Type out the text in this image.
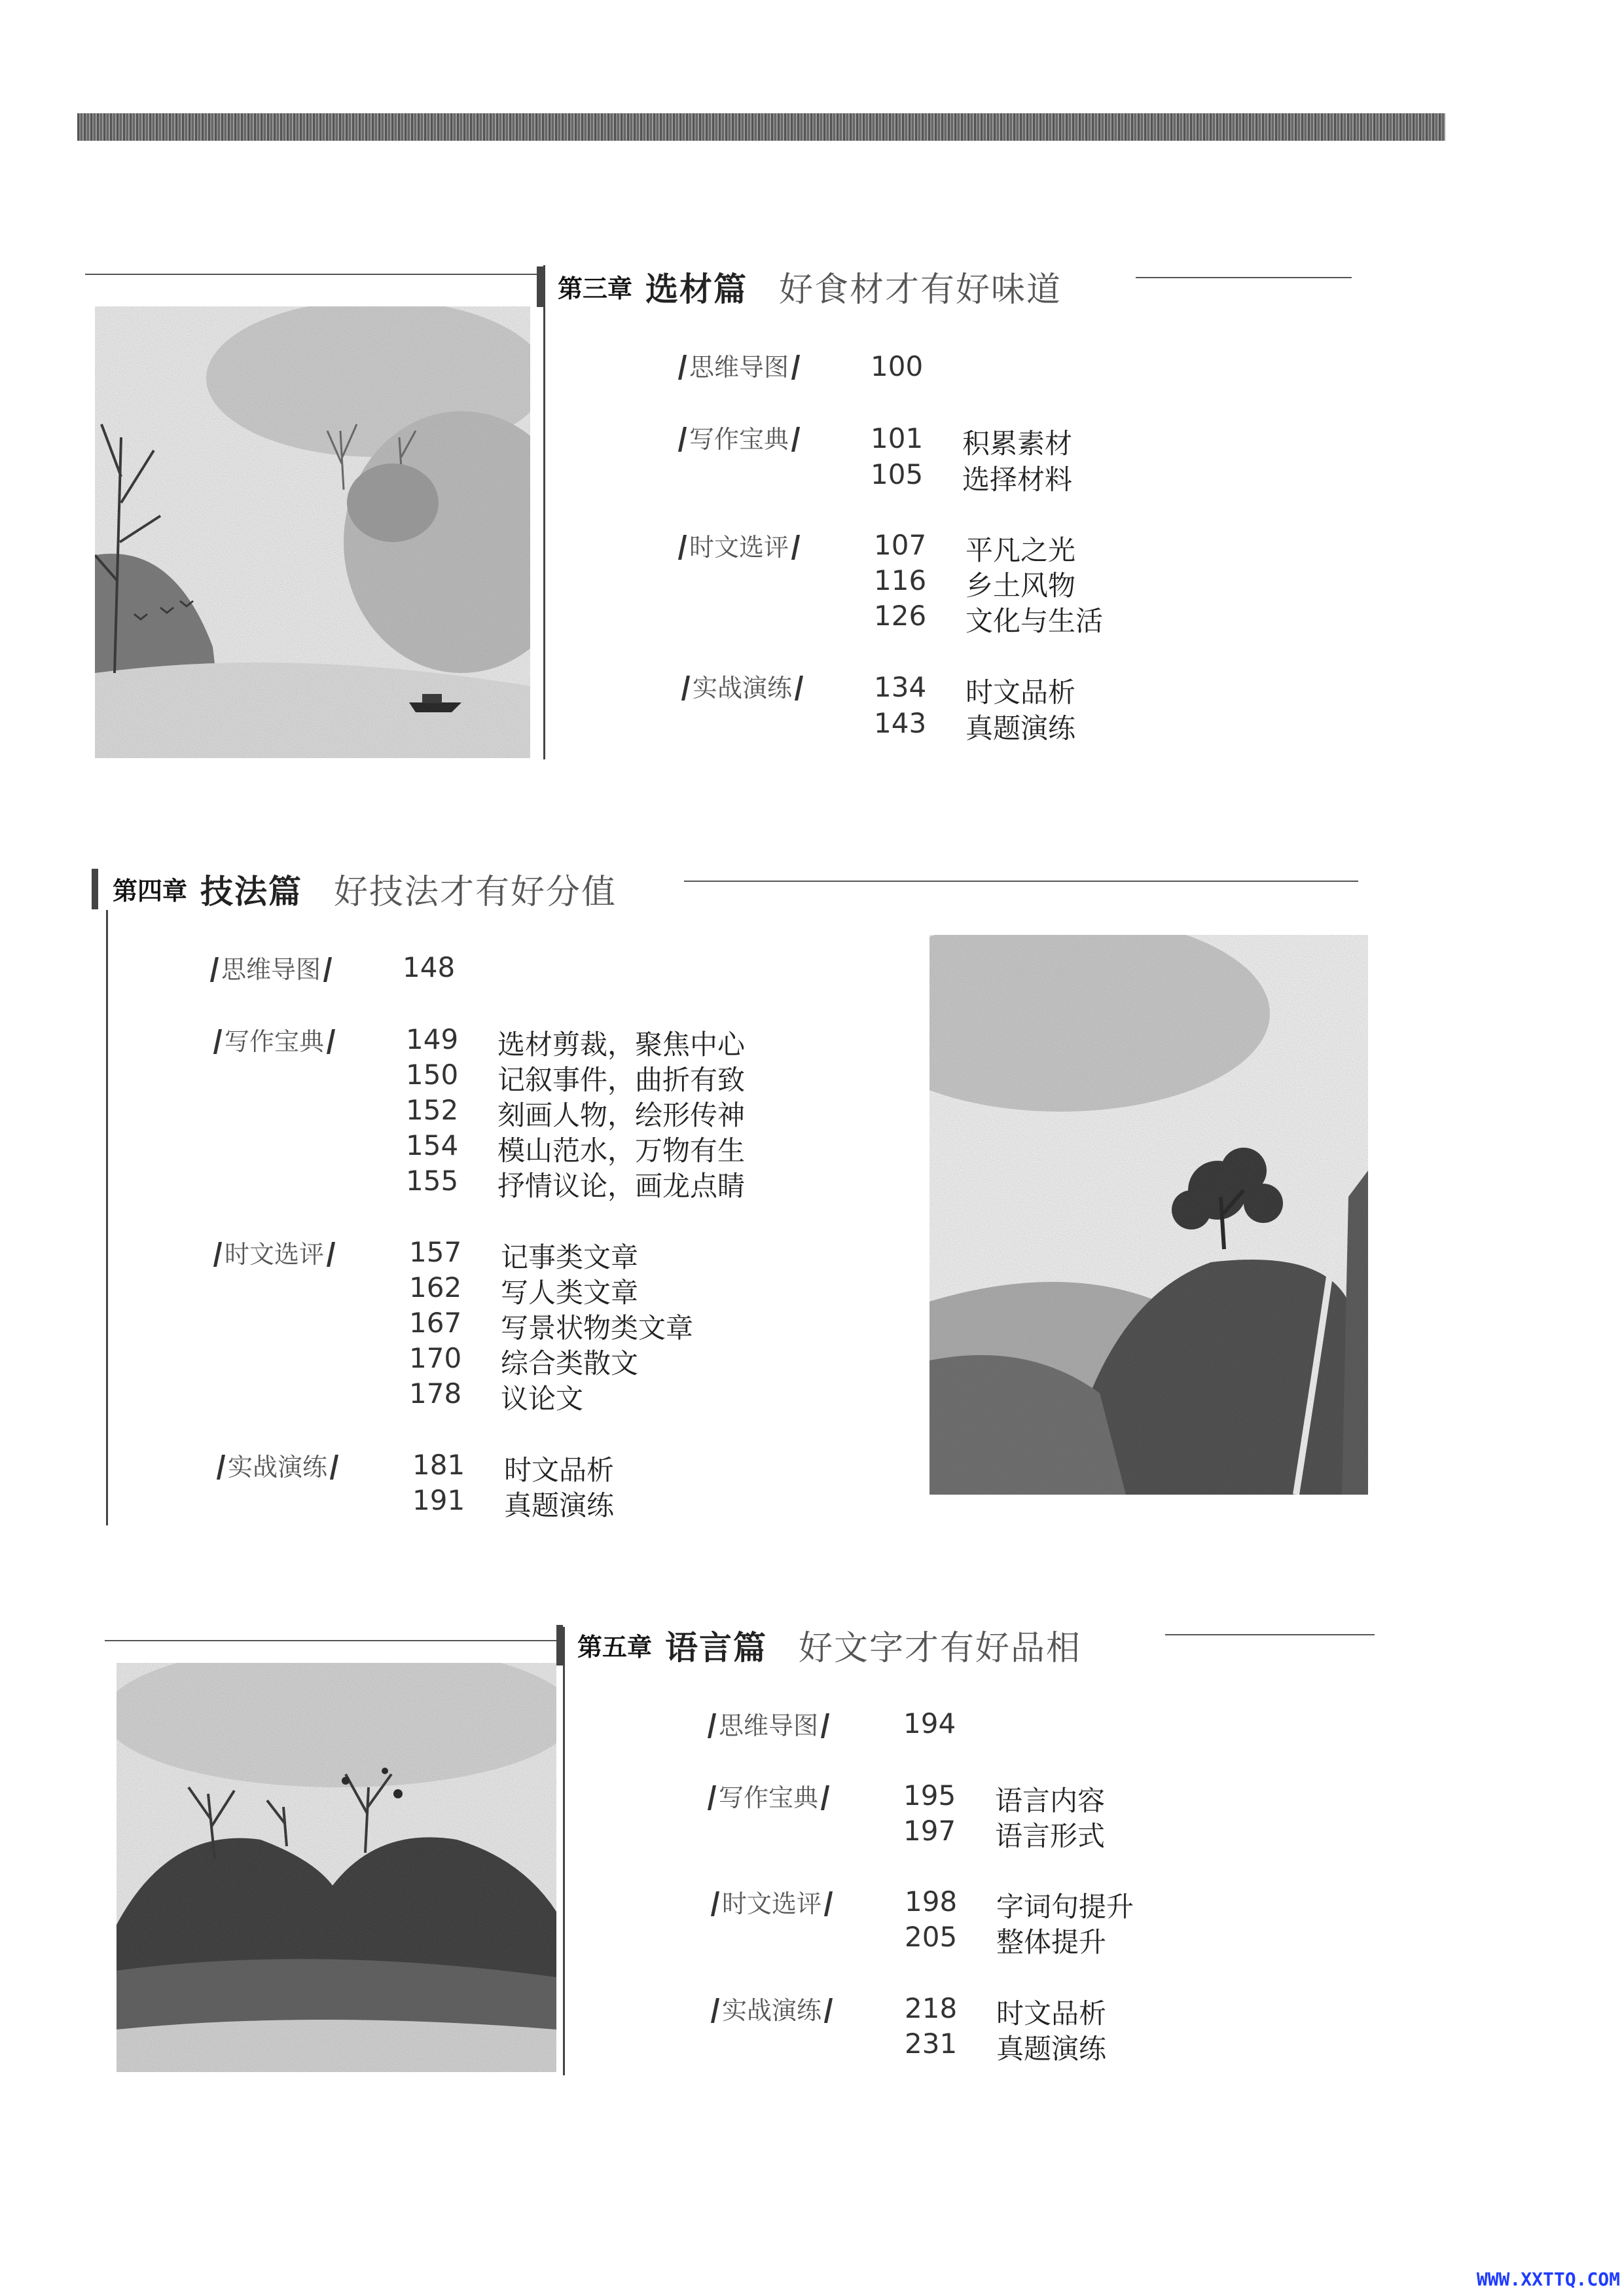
第三章 选材篇 好食材才有好味道
思维导图	100
写作宝典	101 积累素材
105 选择材料
时文选评	107 平凡之光
116 乡土风物
126 文化与生活
实战演练	134 时文品析
143 真题演练
第四章 技法篇 好技法才有好分值
思维导图	148
写作宝典	149 选材剪裁，聚焦中心
150 记叙事件，曲折有致
152 刻画人物，绘形传神
154 模山范水，万物有生
155 抒情议论，画龙点睛
时文选评	157 记事类文章
162 写人类文章
167 写景状物类文章
170 综合类散文
178 议论文
实战演练	181 时文品析
191 真题演练
第五章 语言篇 好文字才有好品相
思维导图	194
写作宝典	195 语言内容
197 语言形式
时文选评	198 字词句提升
205 整体提升
实战演练	218 时文品析
231 真题演练
WWW.XXTTQ.COM
